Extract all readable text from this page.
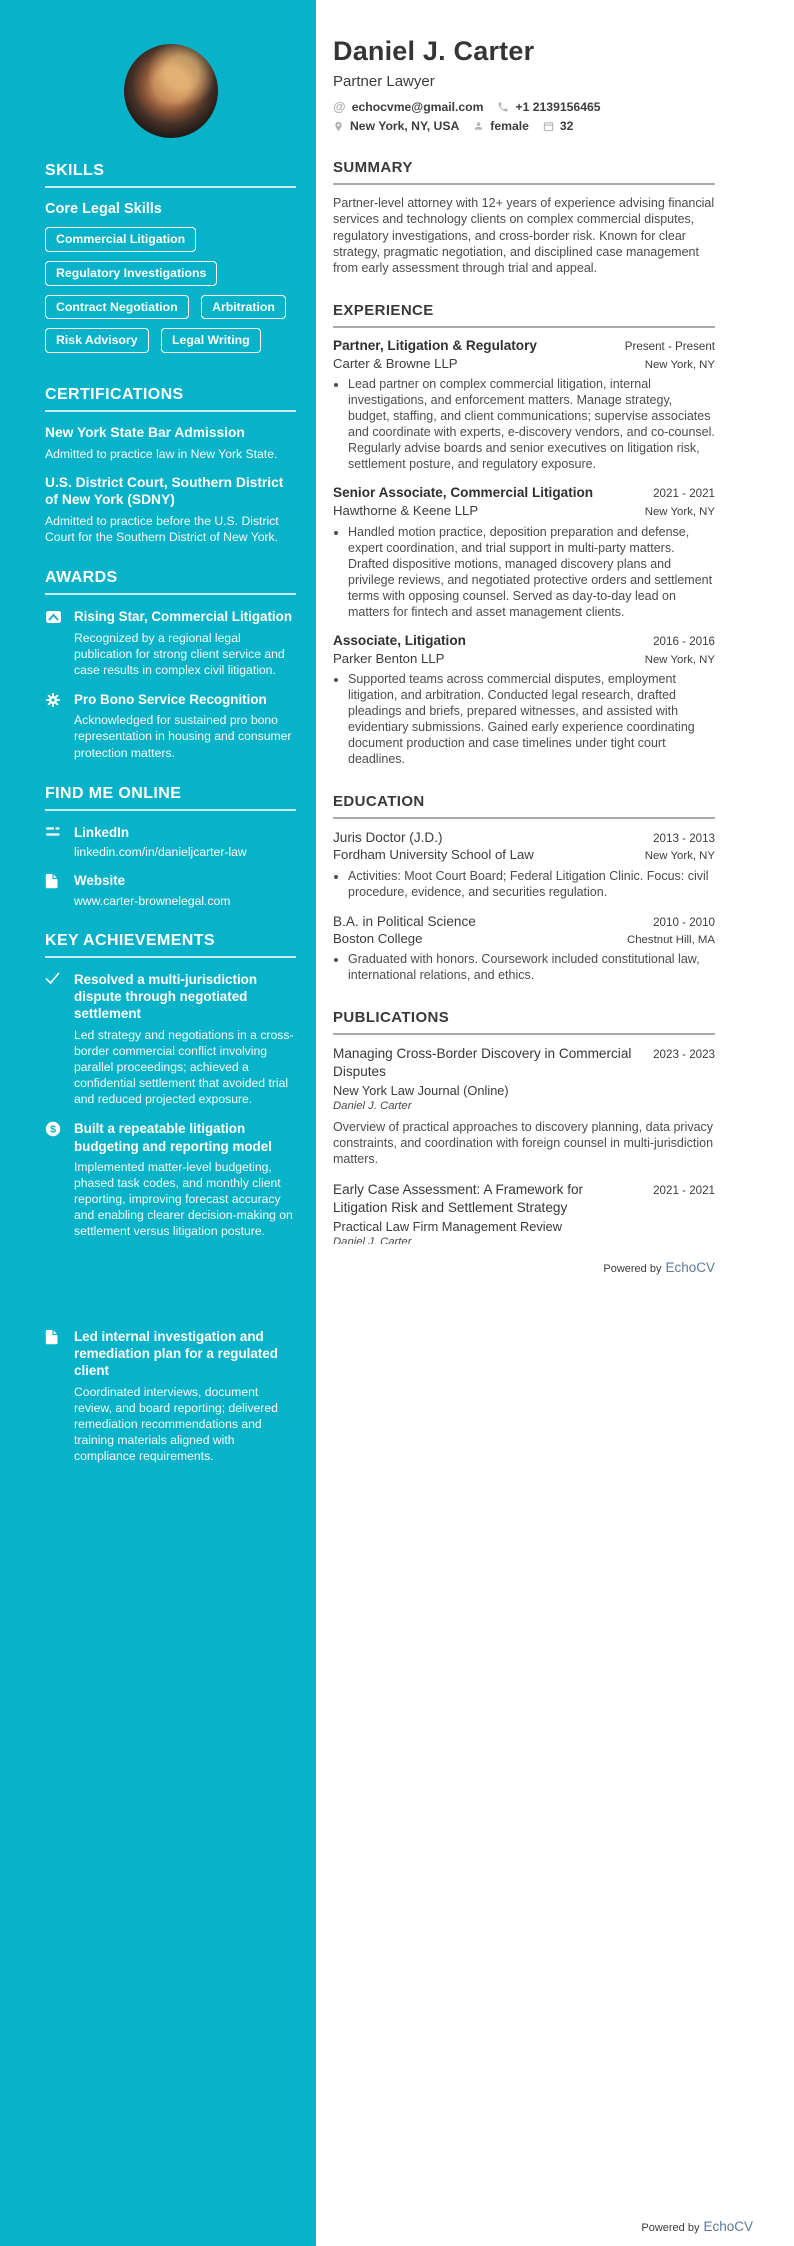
SKILLS
Core Legal Skills
Commercial Litigation Regulatory Investigations Contract Negotiation	Arbitration Risk Advisory	Legal Writing
CERTIFICATIONS
New York State Bar Admission
Admitted to practice law in New York State.
U.S. District Court, Southern District of New York (SDNY)
Admitted to practice before the U.S. District Court for the Southern District of New York.
AWARDS
Rising Star, Commercial Litigation
Recognized by a regional legal publication for strong client service and case results in complex civil litigation.
Pro Bono Service Recognition
Acknowledged for sustained pro bono representation in housing and consumer protection matters.
FIND ME ONLINE
LinkedIn
linkedin.com/in/danieljcarter-law
Website
www.carter-brownelegal.com
KEY ACHIEVEMENTS
Resolved a multi-jurisdiction dispute through negotiated settlement
Led strategy and negotiations in a cross-border commercial conflict involving parallel proceedings; achieved a confidential settlement that avoided trial and reduced projected exposure.
$ Built a repeatable litigation budgeting and reporting model
Implemented matter-level budgeting, phased task codes, and monthly client reporting, improving forecast accuracy and enabling clearer decision-making on settlement versus litigation posture.
Led internal investigation and remediation plan for a regulated client
Coordinated interviews, document review, and board reporting; delivered remediation recommendations and training materials aligned with compliance requirements.
Daniel J. Carter
Partner Lawyer
@ echocvme@gmail.com	+1 2139156465
New York, NY, USA	female	32
SUMMARY

Partner-level attorney with 12+ years of experience advising financial services and technology clients on complex commercial disputes, regulatory investigations, and cross-border risk. Known for clear strategy, pragmatic negotiation, and disciplined case management from early assessment through trial and appeal.

EXPERIENCE
Partner, Litigation & Regulatory	Present - Present
Carter & Browne LLP	New York, NY
• Lead partner on complex commercial litigation, internal investigations, and enforcement matters. Manage strategy, budget, staffing, and client communications; supervise associates and coordinate with experts, e-discovery vendors, and co-counsel. Regularly advise boards and senior executives on litigation risk, settlement posture, and regulatory exposure.
Senior Associate, Commercial Litigation	2021 - 2021
Hawthorne & Keene LLP	New York, NY
• Handled motion practice, deposition preparation and defense, expert coordination, and trial support in multi-party matters. Drafted dispositive motions, managed discovery plans and privilege reviews, and negotiated protective orders and settlement terms with opposing counsel. Served as day-to-day lead on matters for fintech and asset management clients.
Associate, Litigation	2016 - 2016
Parker Benton LLP	New York, NY
• Supported teams across commercial disputes, employment litigation, and arbitration. Conducted legal research, drafted pleadings and briefs, prepared witnesses, and assisted with evidentiary submissions. Gained early experience coordinating document production and case timelines under tight court deadlines.
EDUCATION
Juris Doctor (J.D.)	2013 - 2013
Fordham University School of Law	New York, NY
• Activities: Moot Court Board; Federal Litigation Clinic. Focus: civil procedure, evidence, and securities regulation.
B.A. in Political Science	2010 - 2010
Boston College	Chestnut Hill, MA
• Graduated with honors. Coursework included constitutional law, international relations, and ethics.
PUBLICATIONS
Managing Cross-Border Discovery in Commercial Disputes
2023 - 2023
New York Law Journal (Online)
Daniel J. Carter
Overview of practical approaches to discovery planning, data privacy constraints, and coordination with foreign counsel in multi-jurisdiction matters.
Early Case Assessment: A Framework for Litigation Risk and Settlement Strategy
2021 - 2021
Practical Law Firm Management Review
Daniel J. Carter
Powered by EchoCV
Powered by EchoCV
